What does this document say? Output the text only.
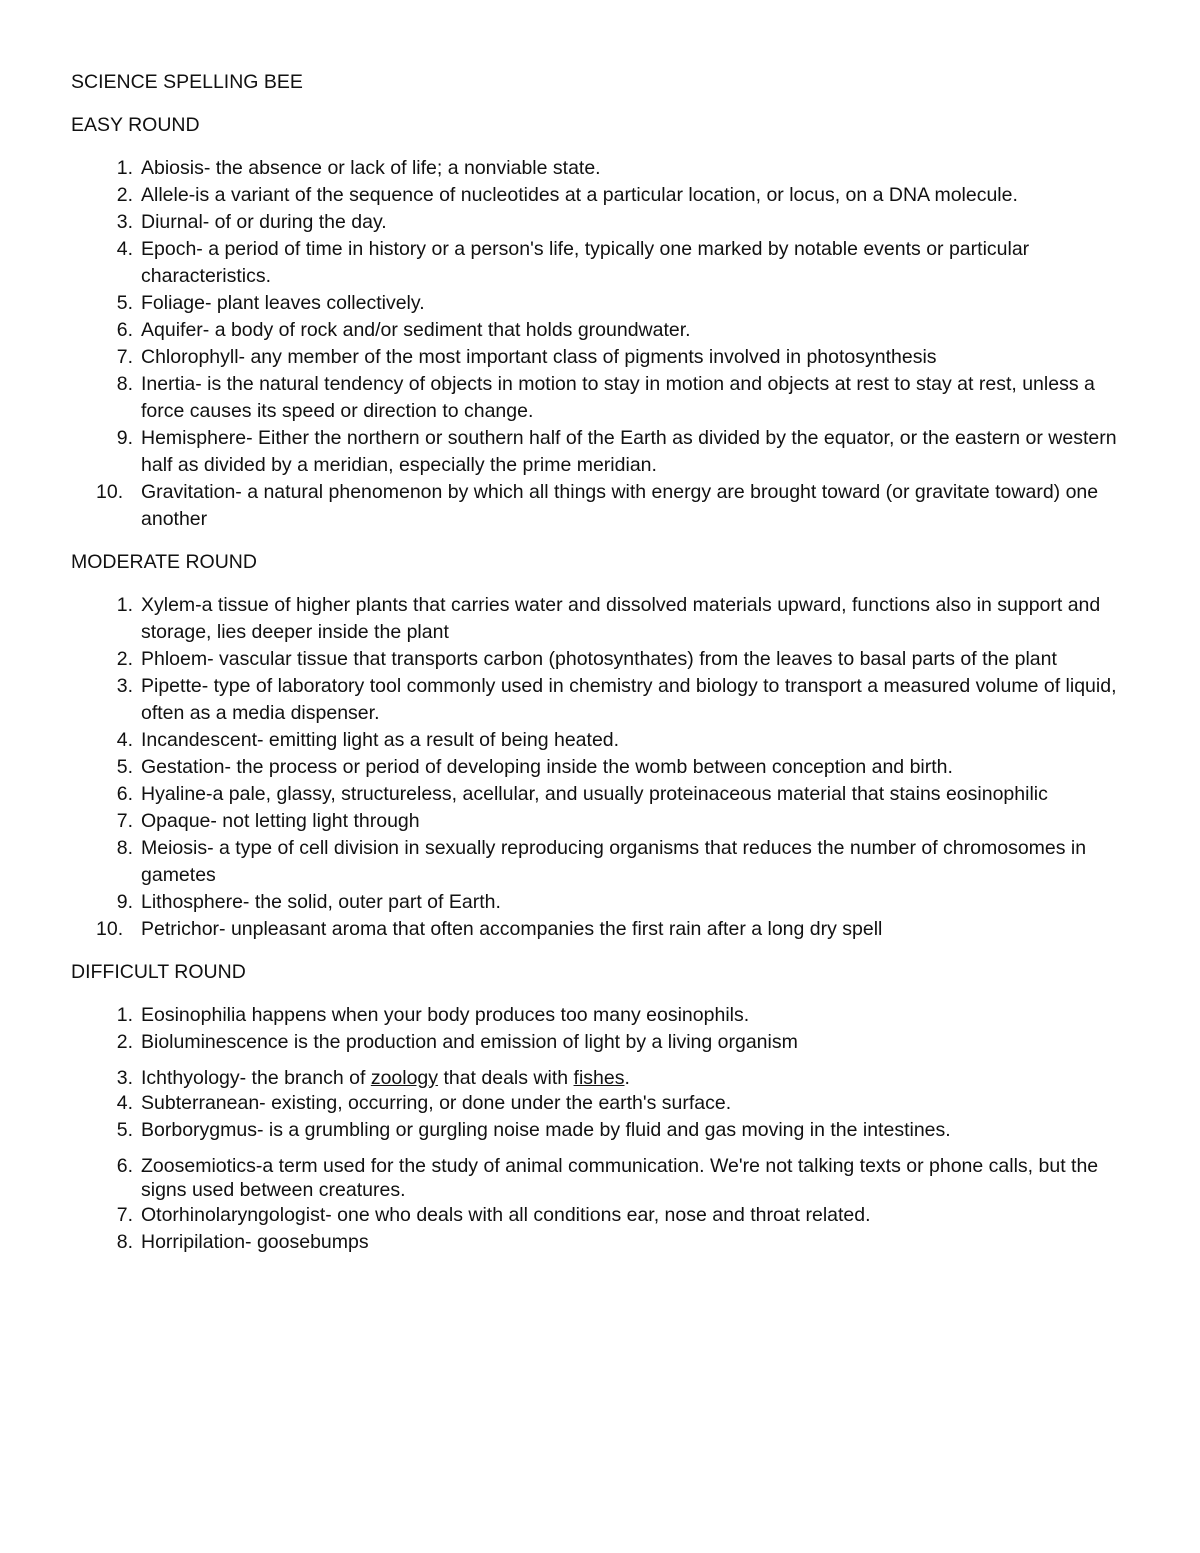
SCIENCE SPELLING BEE
EASY ROUND
1. Abiosis- the absence or lack of life; a nonviable state.
2. Allele-is a variant of the sequence of nucleotides at a particular location, or locus, on a DNA molecule.
3. Diurnal- of or during the day.
4. Epoch- a period of time in history or a person's life, typically one marked by notable events or particular characteristics.
5. Foliage- plant leaves collectively.
6. Aquifer- a body of rock and/or sediment that holds groundwater.
7. Chlorophyll- any member of the most important class of pigments involved in photosynthesis
8. Inertia- is the natural tendency of objects in motion to stay in motion and objects at rest to stay at rest, unless a force causes its speed or direction to change.
9. Hemisphere- Either the northern or southern half of the Earth as divided by the equator, or the eastern or western half as divided by a meridian, especially the prime meridian.
10. Gravitation- a natural phenomenon by which all things with energy are brought toward (or gravitate toward) one another
MODERATE ROUND
1. Xylem-a tissue of higher plants that carries water and dissolved materials upward, functions also in support and storage, lies deeper inside the plant
2. Phloem- vascular tissue that transports carbon (photosynthates) from the leaves to basal parts of the plant
3. Pipette- type of laboratory tool commonly used in chemistry and biology to transport a measured volume of liquid, often as a media dispenser.
4. Incandescent- emitting light as a result of being heated.
5. Gestation- the process or period of developing inside the womb between conception and birth.
6. Hyaline-a pale, glassy, structureless, acellular, and usually proteinaceous material that stains eosinophilic
7. Opaque- not letting light through
8. Meiosis- a type of cell division in sexually reproducing organisms that reduces the number of chromosomes in gametes
9. Lithosphere- the solid, outer part of Earth.
10. Petrichor- unpleasant aroma that often accompanies the first rain after a long dry spell
DIFFICULT ROUND
1. Eosinophilia happens when your body produces too many eosinophils.
2. Bioluminescence is the production and emission of light by a living organism
3. Ichthyology- the branch of zoology that deals with fishes.
4. Subterranean- existing, occurring, or done under the earth's surface.
5. Borborygmus- is a grumbling or gurgling noise made by fluid and gas moving in the intestines.
6. Zoosemiotics-a term used for the study of animal communication. We're not talking texts or phone calls, but the signs used between creatures.
7. Otorhinolaryngologist- one who deals with all conditions ear, nose and throat related.
8. Horripilation- goosebumps
